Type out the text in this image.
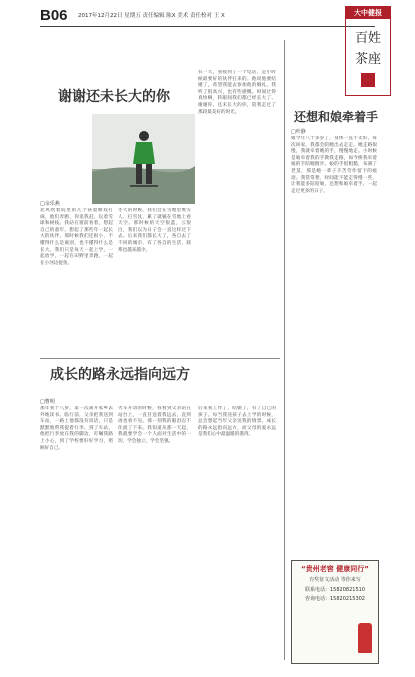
B06 2017年12月22日 星期五 责任编辑 陈X 美术 责任校对 王 X	大中健报
百姓
茶座
谢谢还未长大的你
□余乐燕
北风吹着院里的几个孩童嬉戏打闹，他们奔跑、你追我赶，玩着雪球和树枝。我站在窗前看着，想起自己的童年，想起了那些年一起长大的伙伴。那时候我们还很小，不懂得什么是离别，也不懂得什么是长大。我们只是每天一起上学，一起放学，一起在田野里奔跑，一起在小河边捉鱼。
冬天的时候，我们会在雪地里堆雪人、打雪仗，累了就躺在雪地上看天空。那时候的天空很蓝，云很白，我们以为日子会一直这样过下去。后来我们都长大了，各自去了不同的城市，有了各自的生活，联系也越来越少。
有一天，我接到了一个电话，是小时候最要好的伙伴打来的。他说他要结婚了，希望我能去参加他的婚礼。我听了很高兴，也有些感慨。时间过得真快啊，转眼间我们都已经长大了。谢谢你，还未长大的你，陪我走过了那段最美好的时光。
成长的路永远指向远方
□曹明
那年我十八岁，第一次离开家乡去外地读书。临行前，父亲把我送到车站，一路上他都没有说话，只是默默地帮我提着行李。到了车站，他把行李放在我的脚边，叮嘱我路上小心，到了学校要好好学习，照顾好自己。
火车开动的时候，我看到父亲站在站台上，一直目送着我远去，直到再也看不见。那一刻我的眼泪忍不住流了下来。我知道从那一天起，我就要学会一个人面对生活中的一切，学会独立，学会坚强。
后来我工作了，结婚了，有了自己的孩子。每当我送孩子去上学的时候，总会想起当年父亲送我的情景。成长的路永远指向远方，而父母的爱永远是我们心中最温暖的港湾。
还想和娘牵着手
□叶静
娘今年八十多岁了，身体一直不太好。每次回家，我都会陪她出去走走。她走路很慢，我就牵着她的手，慢慢地走。小时候是娘牵着我的手教我走路，如今换我牵着娘的手陪她散步。娘的手很粗糙，布满了老茧，那是她一辈子辛苦劳作留下的痕迹。我常常想，时间能不能走得慢一些，让我能多陪陪娘，还想和娘牵着手，一起走过更多的日子。
“贵州老窖 健康同行”
有奖征文活动 等你来写
联系电话：15820821510
咨询电话：15820215302
